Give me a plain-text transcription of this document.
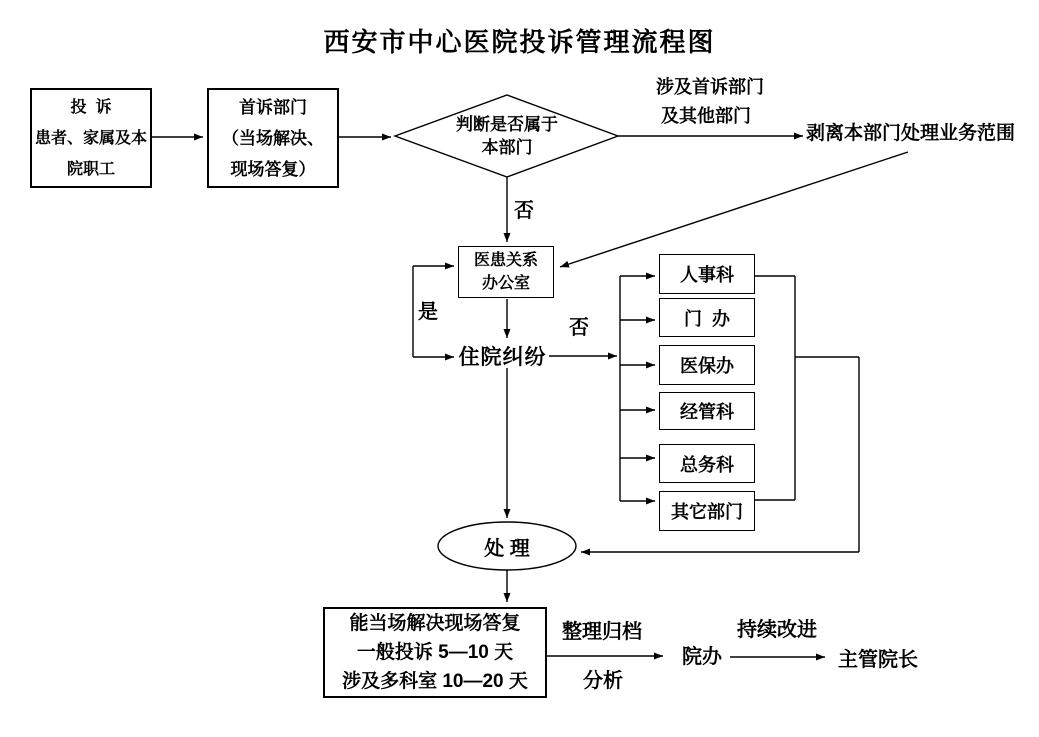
西安市中心医院投诉管理流程图
投  诉
患者、家属及本
院职工
首诉部门
（当场解决、
现场答复）
判断是否属于
本部门
涉及首诉部门
及其他部门
剥离本部门处理业务范围
否
医患关系
办公室
是
住院纠纷
否
人事科
门  办
医保办
经管科
总务科
其它部门
处 理
能当场解决现场答复
一般投诉 5—10 天
涉及多科室 10—20 天
整理归档
分析
院办
持续改进
主管院长
